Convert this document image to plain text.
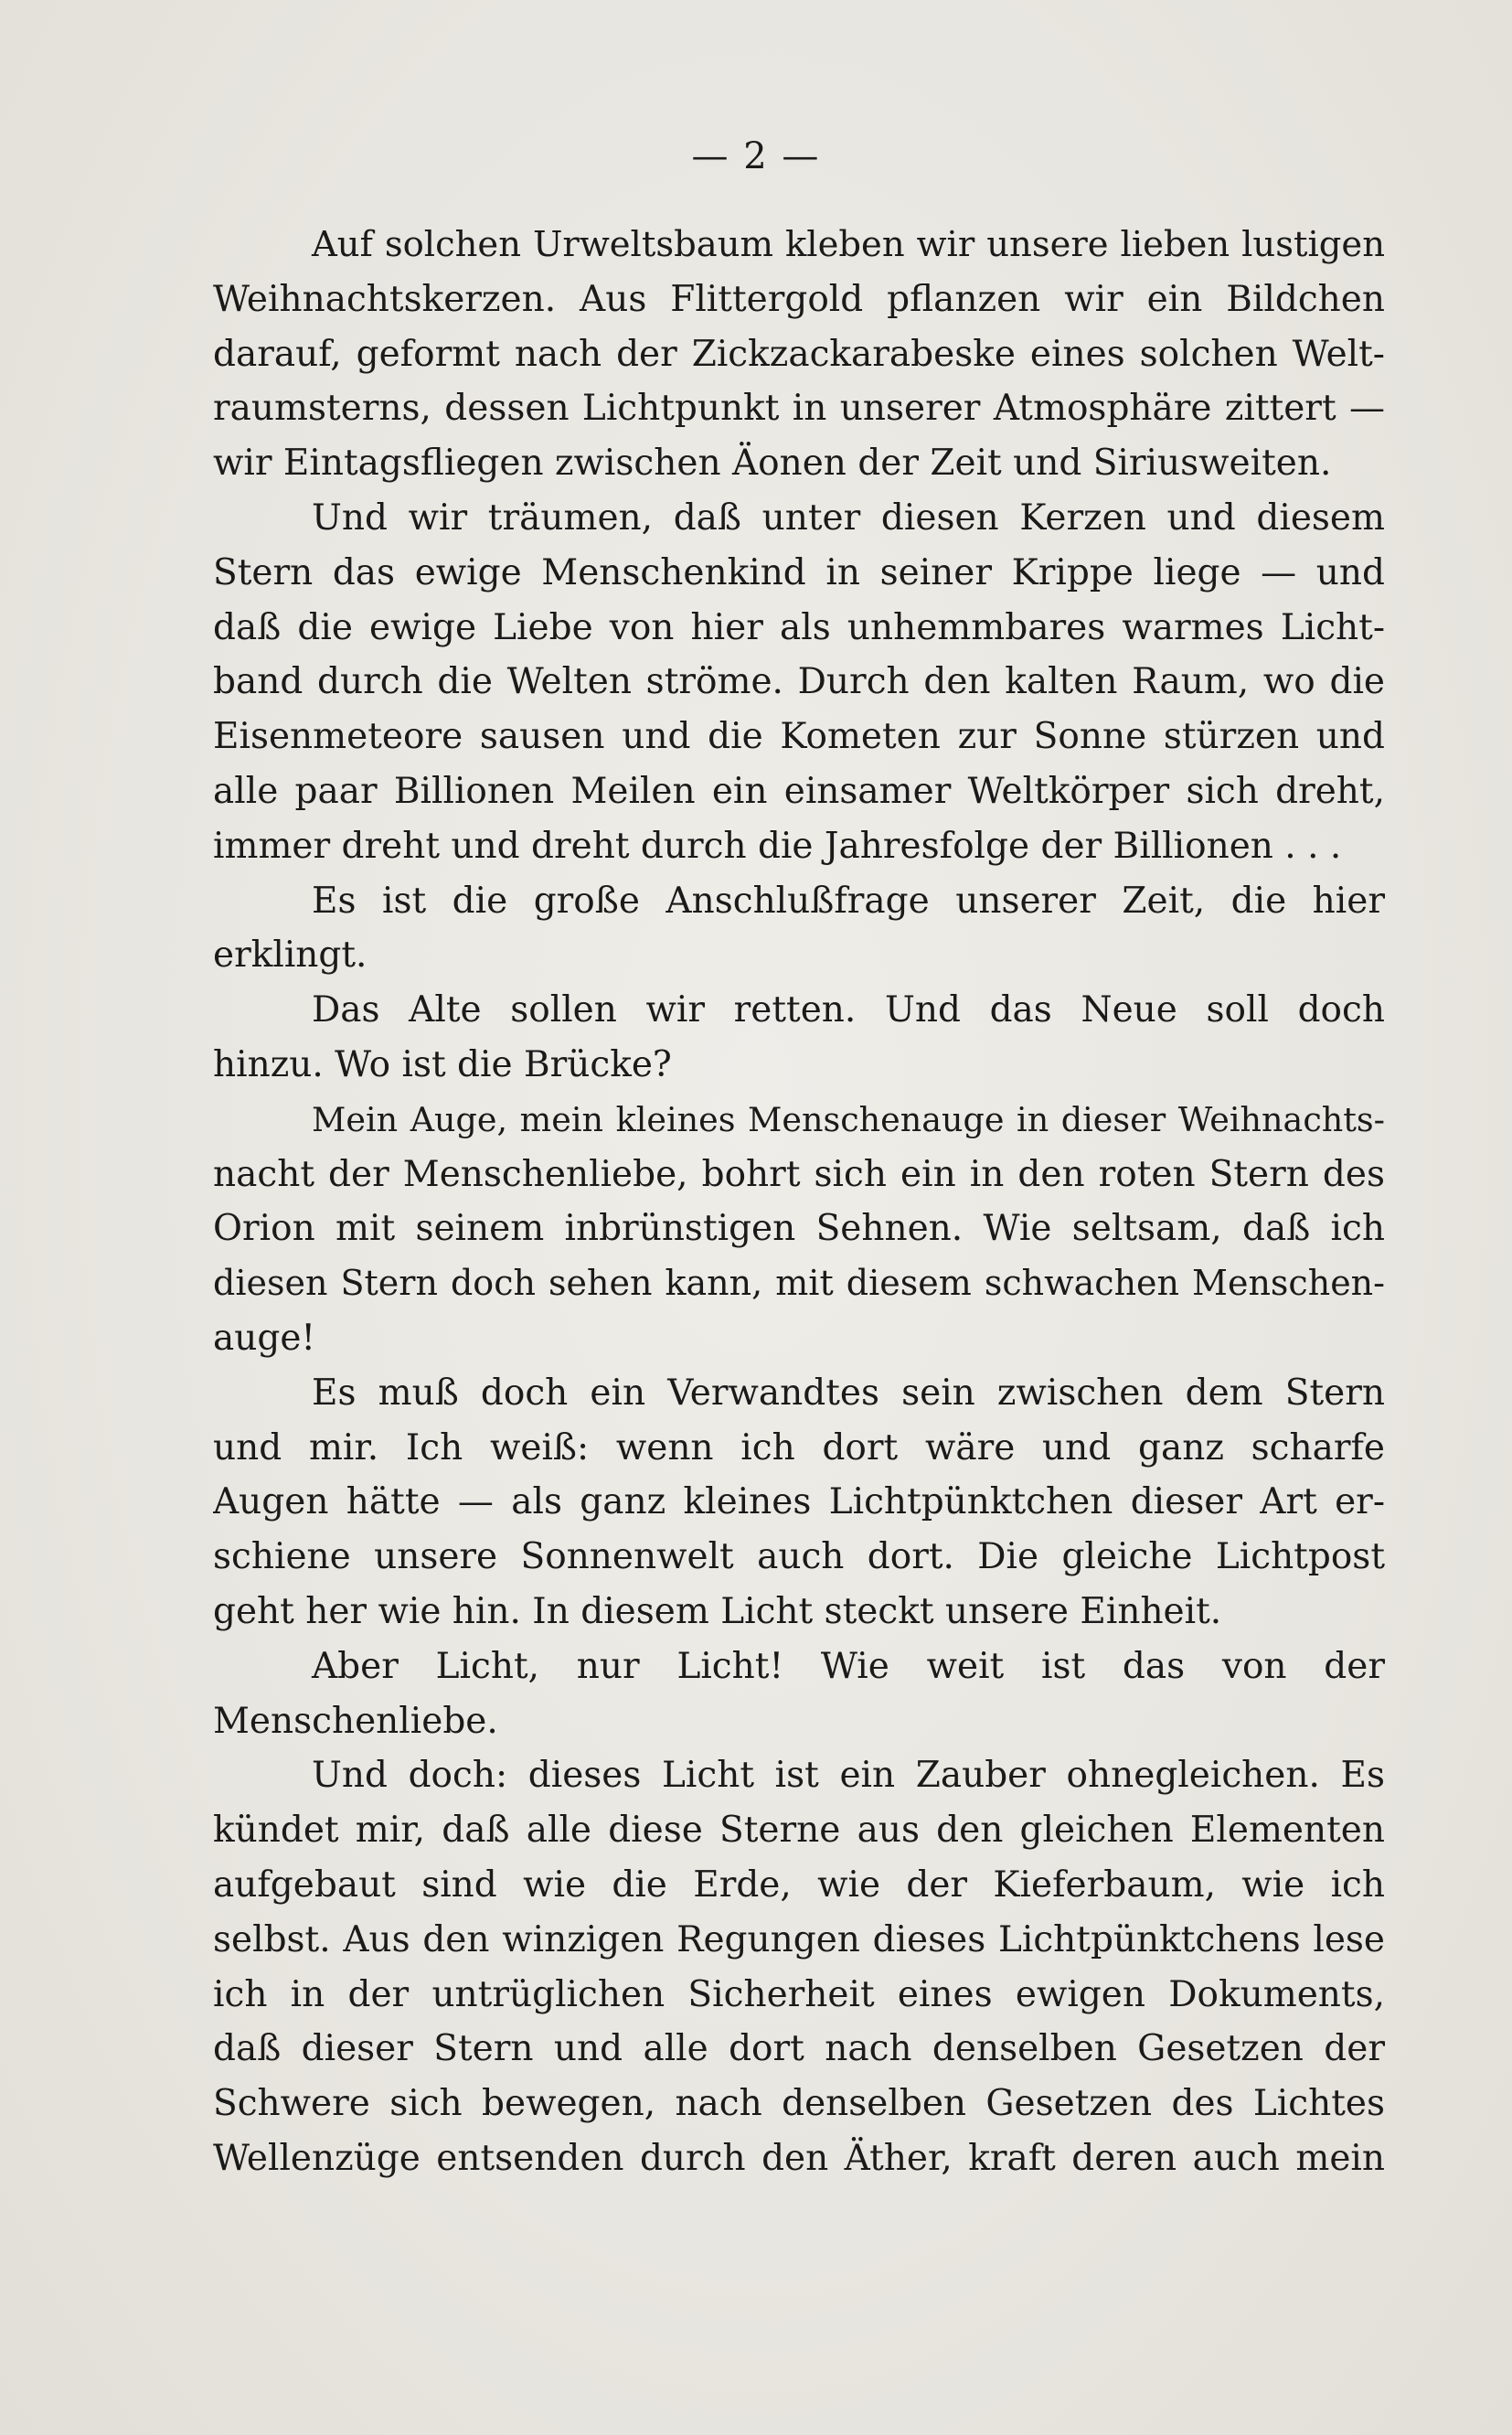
— 2 —
Auf solchen Urweltsbaum kleben wir unsere lieben lustigen
Weihnachtskerzen. Aus Flittergold pflanzen wir ein Bildchen
darauf, geformt nach der Zickzackarabeske eines solchen Welt-
raumsterns, dessen Lichtpunkt in unserer Atmosphäre zittert —
wir Eintagsfliegen zwischen Äonen der Zeit und Siriusweiten.
Und wir träumen, daß unter diesen Kerzen und diesem
Stern das ewige Menschenkind in seiner Krippe liege — und
daß die ewige Liebe von hier als unhemmbares warmes Licht-
band durch die Welten ströme. Durch den kalten Raum, wo die
Eisenmeteore sausen und die Kometen zur Sonne stürzen und
alle paar Billionen Meilen ein einsamer Weltkörper sich dreht,
immer dreht und dreht durch die Jahresfolge der Billionen . . .
Es ist die große Anschlußfrage unserer Zeit, die hier
erklingt.
Das Alte sollen wir retten. Und das Neue soll doch
hinzu. Wo ist die Brücke?
Mein Auge, mein kleines Menschenauge in dieser Weihnachts-
nacht der Menschenliebe, bohrt sich ein in den roten Stern des
Orion mit seinem inbrünstigen Sehnen. Wie seltsam, daß ich
diesen Stern doch sehen kann, mit diesem schwachen Menschen-
auge!
Es muß doch ein Verwandtes sein zwischen dem Stern
und mir. Ich weiß: wenn ich dort wäre und ganz scharfe
Augen hätte — als ganz kleines Lichtpünktchen dieser Art er-
schiene unsere Sonnenwelt auch dort. Die gleiche Lichtpost
geht her wie hin. In diesem Licht steckt unsere Einheit.
Aber Licht, nur Licht! Wie weit ist das von der
Menschenliebe.
Und doch: dieses Licht ist ein Zauber ohnegleichen. Es
kündet mir, daß alle diese Sterne aus den gleichen Elementen
aufgebaut sind wie die Erde, wie der Kieferbaum, wie ich
selbst. Aus den winzigen Regungen dieses Lichtpünktchens lese
ich in der untrüglichen Sicherheit eines ewigen Dokuments,
daß dieser Stern und alle dort nach denselben Gesetzen der
Schwere sich bewegen, nach denselben Gesetzen des Lichtes
Wellenzüge entsenden durch den Äther, kraft deren auch mein
